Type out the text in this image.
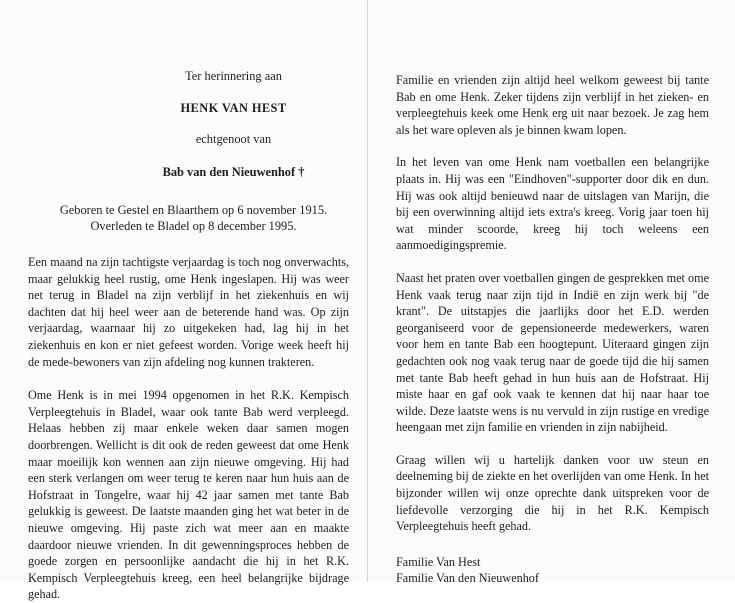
Ter herinnering aan
HENK VAN HEST
echtgenoot van
Bab van den Nieuwenhof †
Geboren te Gestel en Blaarthem op 6 november 1915.
Overleden te Bladel op 8 december 1995.

Een maand na zijn tachtigste verjaardag is toch nog onverwachts, maar gelukkig heel rustig, ome Henk ingeslapen. Hij was weer net terug in Bladel na zijn verblijf in het ziekenhuis en wij dachten dat hij heel weer aan de beterende hand was. Op zijn verjaardag, waarnaar hij zo uitgekeken had, lag hij in het ziekenhuis en kon er niet gefeest worden. Vorige week heeft hij de mede-bewoners van zijn afdeling nog kunnen trakteren.

Ome Henk is in mei 1994 opgenomen in het R.K. Kempisch Verpleegtehuis in Bladel, waar ook tante Bab werd verpleegd. Helaas hebben zij maar enkele weken daar samen mogen doorbrengen. Wellicht is dit ook de reden geweest dat ome Henk maar moeilijk kon wennen aan zijn nieuwe omgeving. Hij had een sterk verlangen om weer terug te keren naar hun huis aan de Hofstraat in Tongelre, waar hij 42 jaar samen met tante Bab gelukkig is geweest. De laatste maanden ging het wat beter in de nieuwe omgeving. Hij paste zich wat meer aan en maakte daardoor nieuwe vrienden. In dit gewenningsproces hebben de goede zorgen en persoonlijke aandacht die hij in het R.K. Kempisch Verpleegtehuis kreeg, een heel belangrijke bijdrage gehad.

Familie en vrienden zijn altijd heel welkom geweest bij tante Bab en ome Henk. Zeker tijdens zijn verblijf in het zieken- en verpleegtehuis keek ome Henk erg uit naar bezoek. Je zag hem als het ware opleven als je binnen kwam lopen.

In het leven van ome Henk nam voetballen een belangrijke plaats in. Hij was een "Eindhoven"-supporter door dik en dun. Hij was ook altijd benieuwd naar de uitslagen van Marijn, die bij een overwinning altijd iets extra's kreeg. Vorig jaar toen hij wat minder scoorde, kreeg hij toch weleens een aanmoedigingspremie.

Naast het praten over voetballen gingen de gesprekken met ome Henk vaak terug naar zijn tijd in Indië en zijn werk bij "de krant". De uitstapjes die jaarlijks door het E.D. werden georganiseerd voor de gepensioneerde medewerkers, waren voor hem en tante Bab een hoogtepunt. Uiteraard gingen zijn gedachten ook nog vaak terug naar de goede tijd die hij samen met tante Bab heeft gehad in hun huis aan de Hofstraat. Hij miste haar en gaf ook vaak te kennen dat hij naar haar toe wilde. Deze laatste wens is nu vervuld in zijn rustige en vredige heengaan met zijn familie en vrienden in zijn nabijheid.

Graag willen wij u hartelijk danken voor uw steun en deelneming bij de ziekte en het overlijden van ome Henk. In het bijzonder willen wij onze oprechte dank uitspreken voor de liefdevolle verzorging die hij in het R.K. Kempisch Verpleegtehuis heeft gehad.

Familie Van Hest
Familie Van den Nieuwenhof
